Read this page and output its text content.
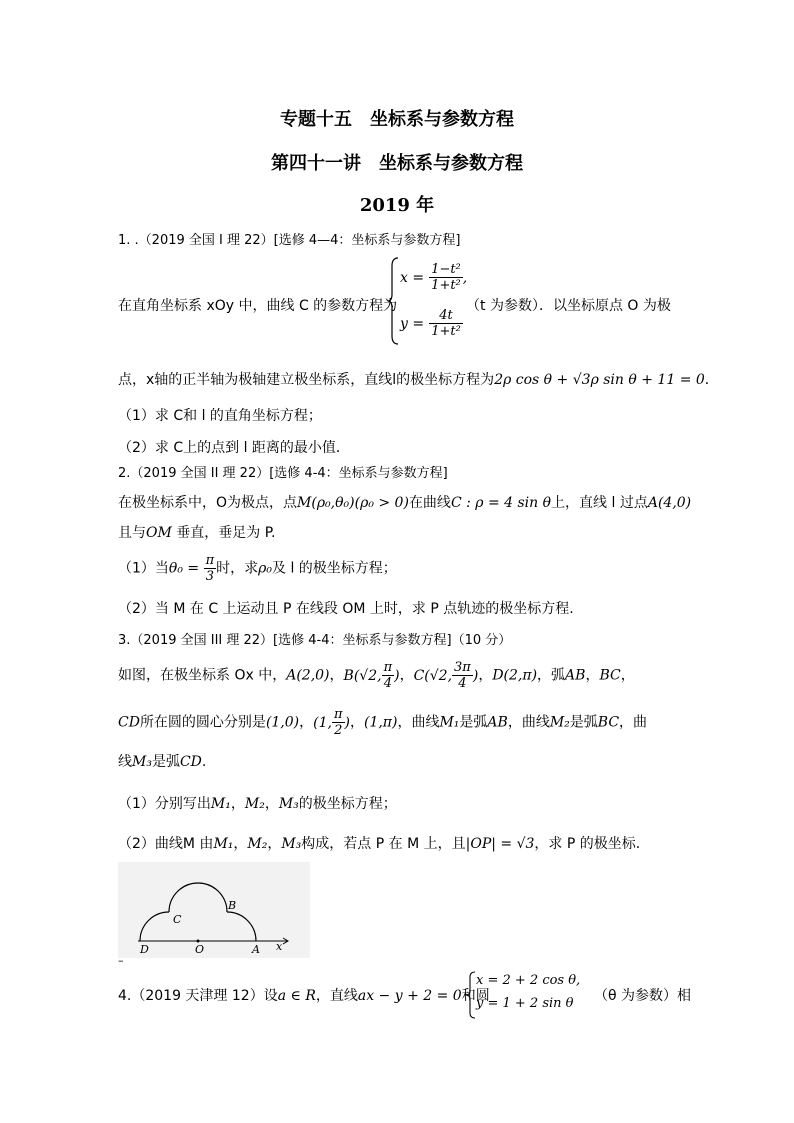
专题十五　坐标系与参数方程
第四十一讲　坐标系与参数方程
2019 年
1. .（2019 全国 I 理 22）[选修 4—4：坐标系与参数方程]
在直角坐标系 xOy 中，曲线 C 的参数方程为
$x = \frac{\text{1−t²}}{\text{1+t²}}$ ,
$y = \frac{4t}{\text{1+t²}}$
（t 为参数）．以坐标原点 O 为极
点，x轴的正半轴为极轴建立极坐标系，直线l的极坐标方程为2ρ cos θ + √3ρ sin θ + 11 = 0．
（1）求 C和 l 的直角坐标方程；
（2）求 C上的点到 l 距离的最小值．
2.（2019 全国 II 理 22）[选修 4-4：坐标系与参数方程]
在极坐标系中，O为极点，点M(ρ₀,θ₀)(ρ₀ > 0)在曲线C : ρ = 4 sin θ上，直线 l 过点A(4,0)
且与OM 垂直，垂足为 P.
（1）当$\theta_0 = \frac{\pi}{3}$ 时，求ρ₀及 l 的极坐标方程；
（2）当 M 在 C 上运动且 P 在线段 OM 上时，求 P 点轨迹的极坐标方程.
3.（2019 全国 III 理 22）[选修 4-4：坐标系与参数方程]（10 分）
如图，在极坐标系 Ox 中，A(2,0)，B(√2, $\frac{\pi}{4}$ )，C(√2, $\frac{3\pi}{4}$ )，D(2,π)，弧AB，BC，
CD所在圆的圆心分别是(1,0)，(1, $\frac{\pi}{2}$ )，(1,π)，曲线M₁是弧AB，曲线M₂是弧BC，曲
线M₃是弧CD.
（1）分别写出M₁，M₂，M₃的极坐标方程；
（2）曲线M 由M₁，M₂，M₃构成，若点 P 在 M 上，且|OP| = √3，求 P 的极坐标.
C
B
D	O	A x
–
4.（2019 天津理 12）设a ∈ R，直线ax − y + 2 = 0和圆
x = 2 + 2 cos θ,
y = 1 + 2 sin θ （θ 为参数）相
